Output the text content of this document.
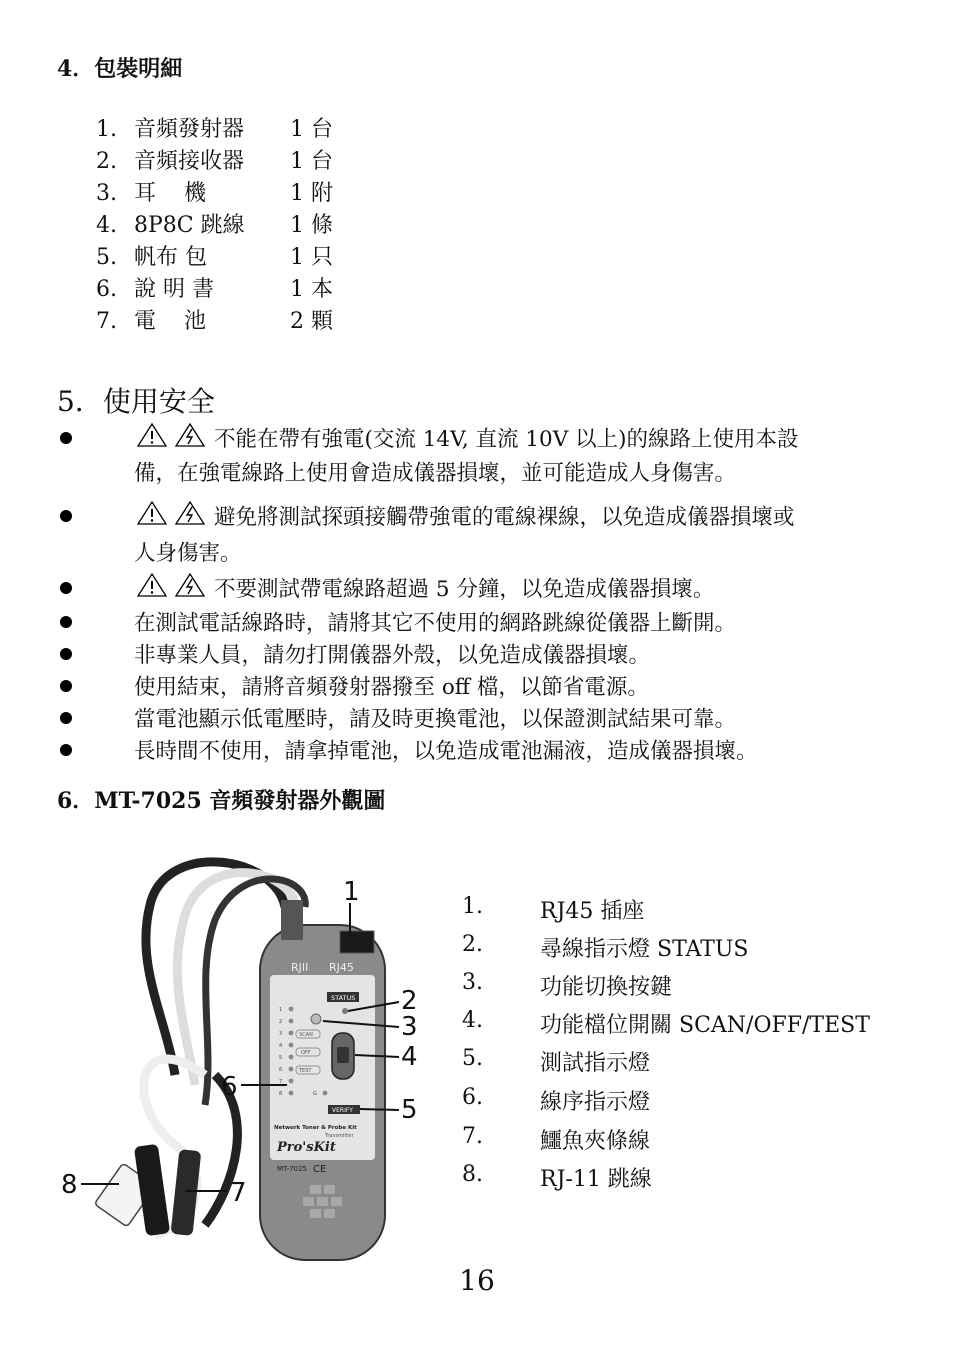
4．包裝明細
1. 音頻發射器 1 台
2. 音頻接收器 1 台
3. 耳    機	1 附
4. 8P8C 跳線 1 條
5. 帆布 包	1 只
6. 說 明 書	1 本
7. 電    池	2 顆
5．使用安全
不能在帶有強電(交流 14V, 直流 10V 以上)的線路上使用本設
備，在強電線路上使用會造成儀器損壞，並可能造成人身傷害。
避免將測試探頭接觸帶強電的電線裸線，以免造成儀器損壞或
人身傷害。
不要測試帶電線路超過 5 分鐘，以免造成儀器損壞。
在測試電話線路時，請將其它不使用的網路跳線從儀器上斷開。
非專業人員，請勿打開儀器外殼，以免造成儀器損壞。
使用結束，請將音頻發射器撥至 off 檔，以節省電源。
當電池顯示低電壓時，請及時更換電池，以保證測試結果可靠。
長時間不使用，請拿掉電池，以免造成電池漏液，造成儀器損壞。
6．MT-7025 音頻發射器外觀圖
RJII RJ45
STATUS
1
2
3
4
5
6
7
8	G
SCAN
OFF
TEST
VERIFY
Network Toner & Probe Kit
Transmitter
Pro'sKit
MT-7025 CE
1
2
3
4
5
6
7
8
1.	RJ45 插座
2.	尋線指示燈 STATUS
3.	功能切換按鍵
4.	功能檔位開關 SCAN/OFF/TEST
5.	測試指示燈
6.	線序指示燈
7.	鱷魚夾條線
8.	RJ-11 跳線
16
